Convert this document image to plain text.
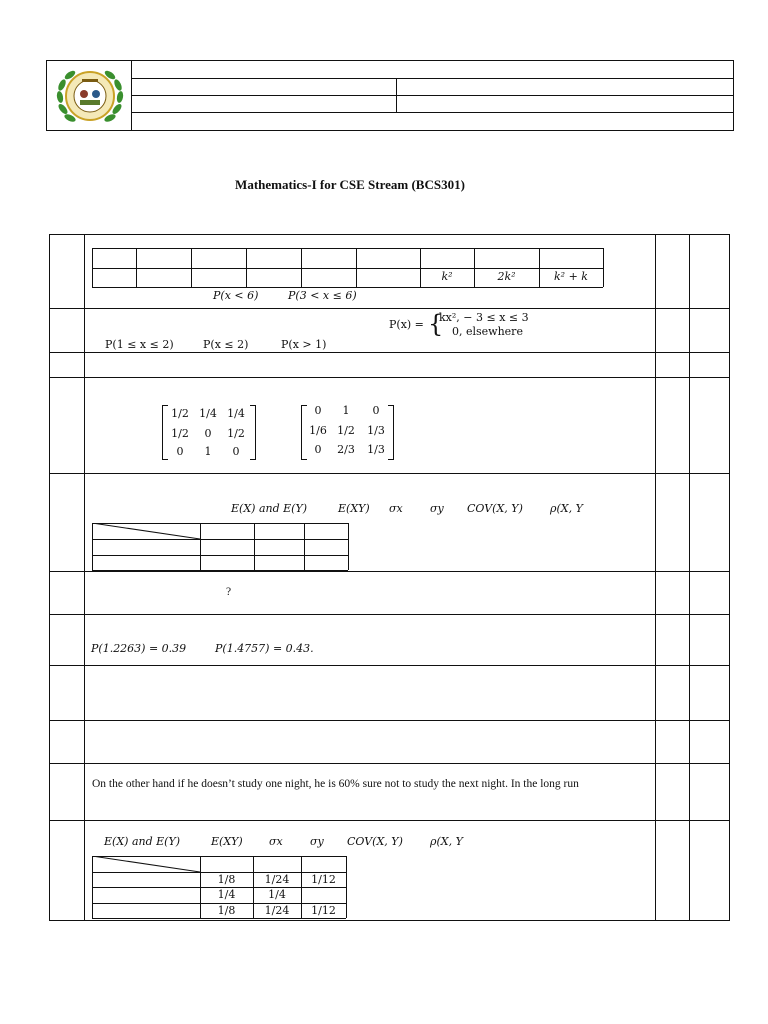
Mathematics-I for CSE Stream (BCS301)
k²	2k²	k² + k
P(x < 6)	P(3 < x ≤ 6)
P(x) = {
kx², − 3 ≤ x ≤ 3
0, elsewhere
P(1 ≤ x ≤ 2)	P(x ≤ 2)	P(x > 1)
1/2 1/4 1/4
1/2	0	1/2
0	1	0
0	1	0
1/6 1/2 1/3
0	2/3 1/3
E(X) and E(Y)	E(XY) σx σy COV(X, Y) ρ(X, Y
?
P(1.2263) = 0.39	P(1.4757) = 0.43.
On the other hand if he doesn’t study one night, he is 60% sure not to study the next night. In the long run
E(X) and E(Y)	E(XY) σx σy COV(X, Y) ρ(X, Y
1/8	1/24	1/12
1/4	1/4
1/8	1/24	1/12
